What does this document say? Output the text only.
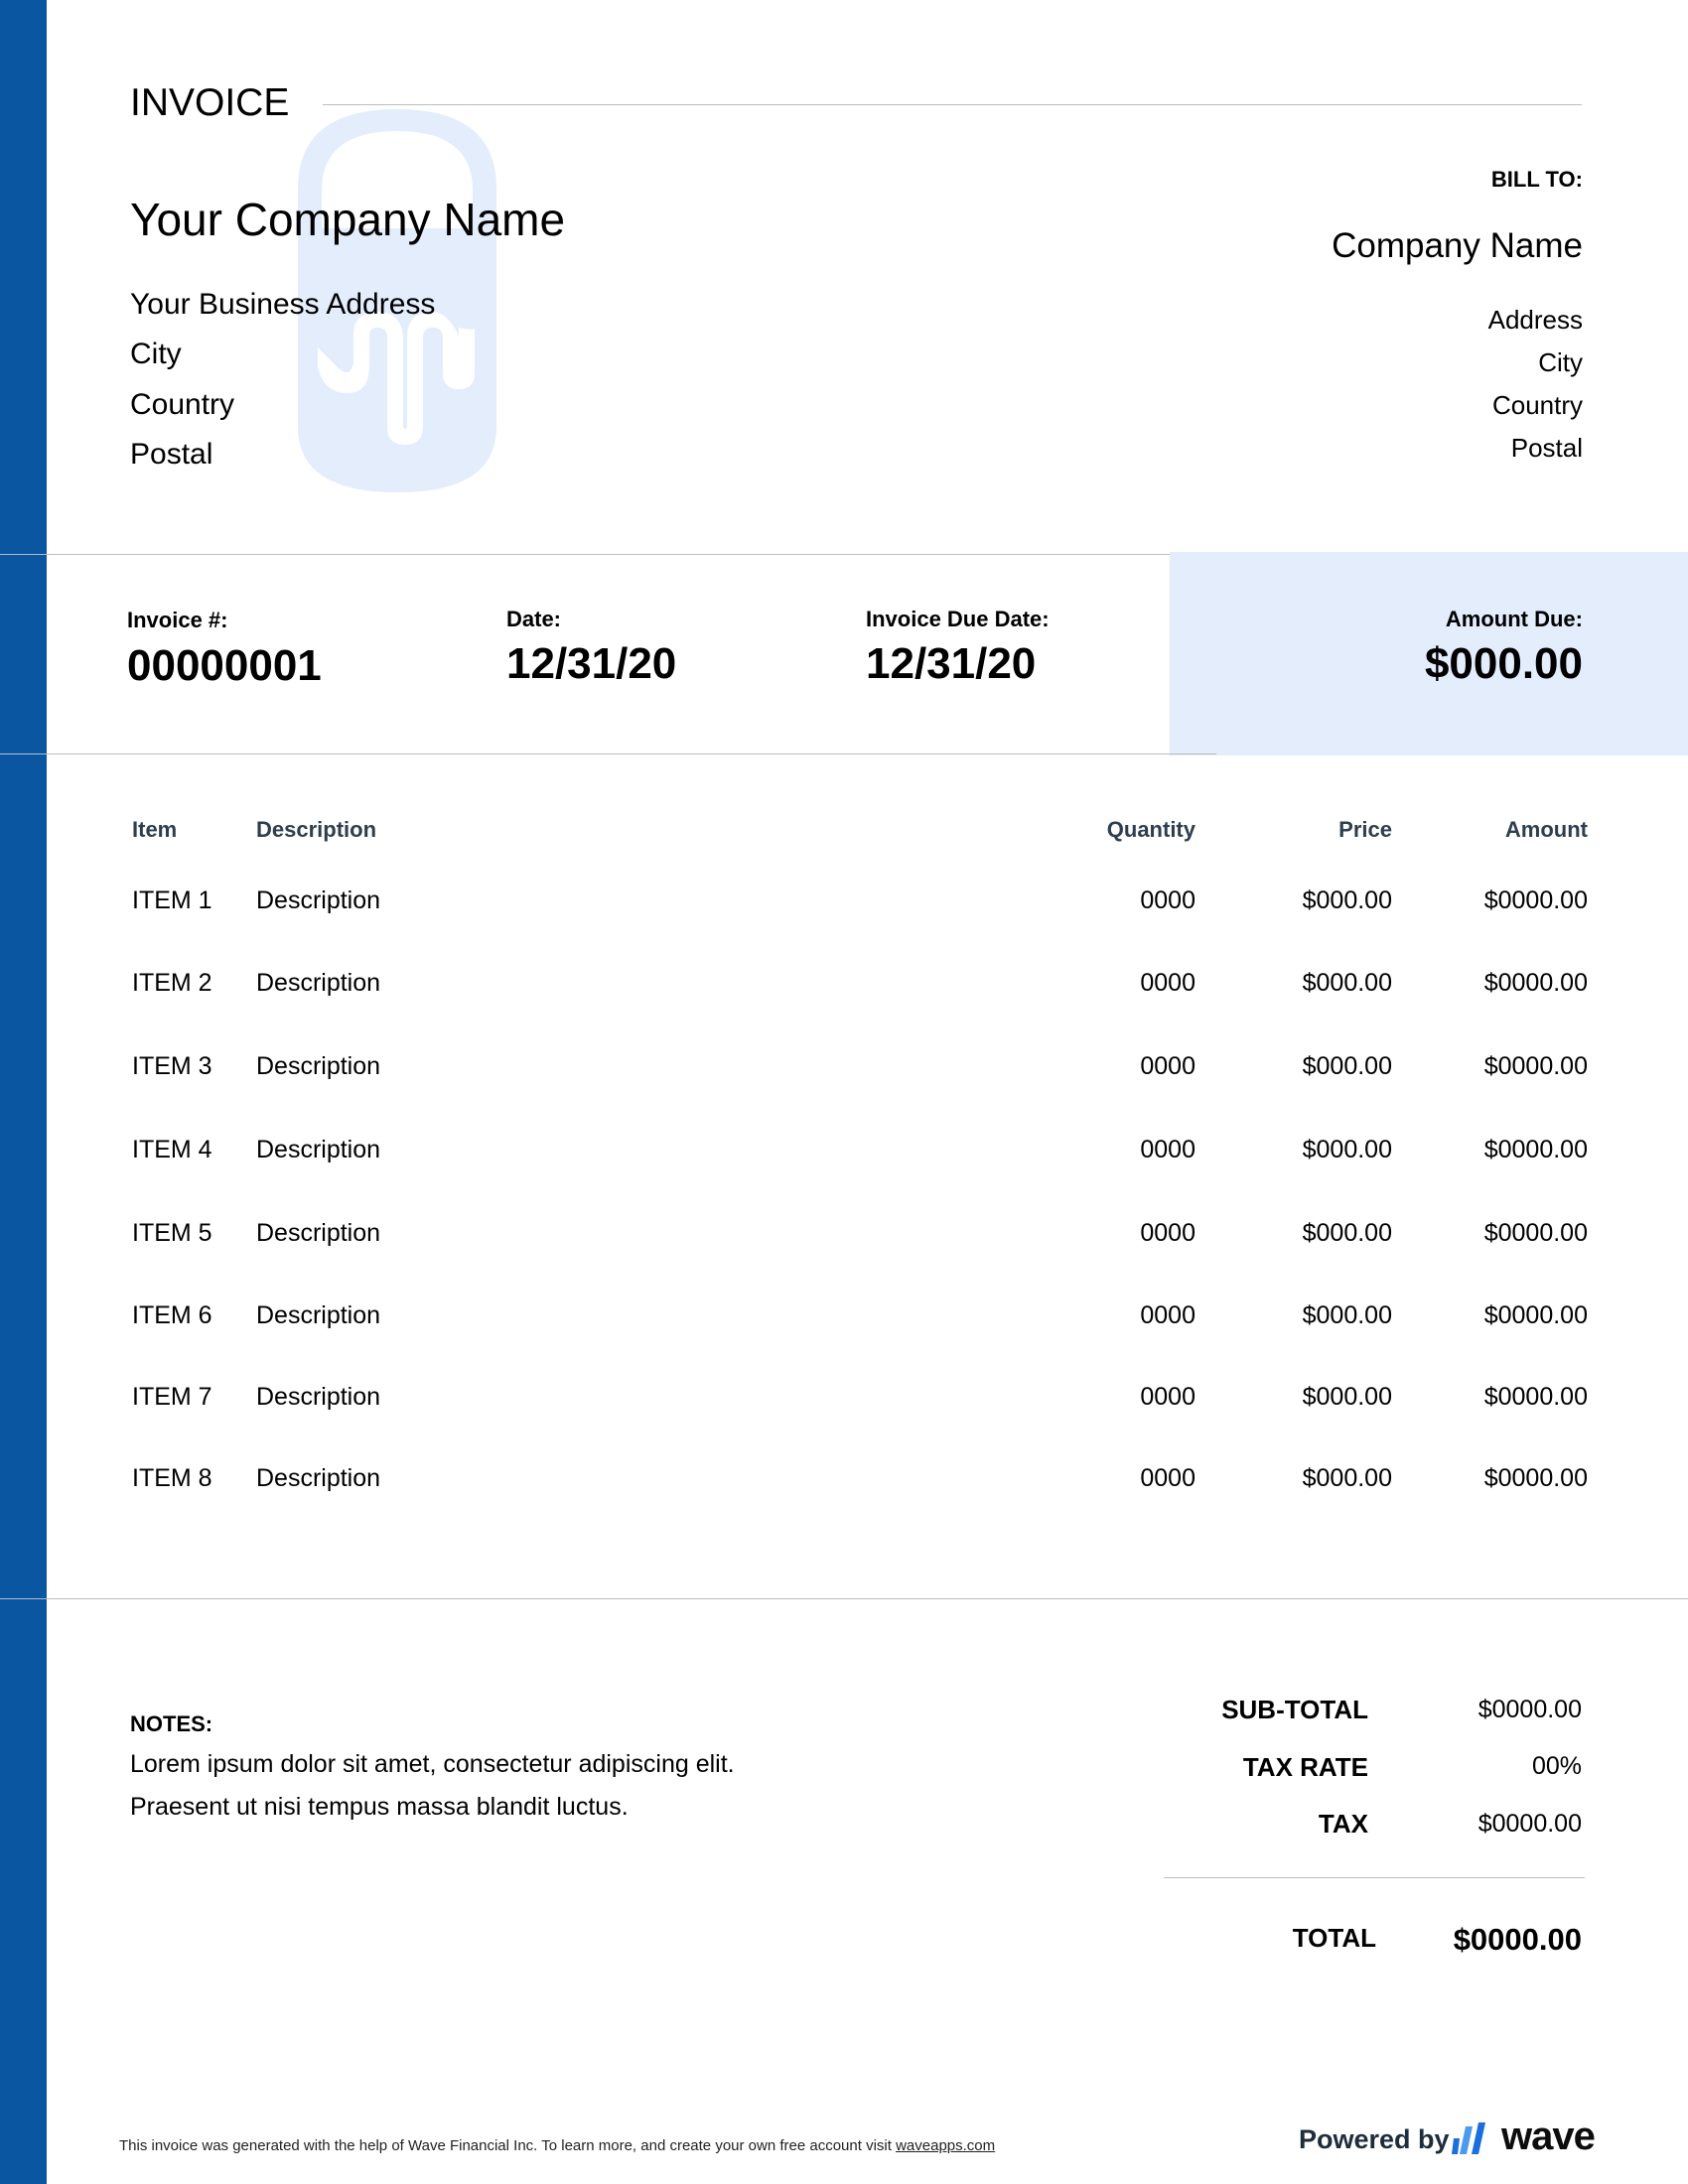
INVOICE
Your Company Name
Your Business Address
City
Country
Postal
BILL TO:
Company Name
Address
City
Country
Postal
Invoice #:
00000001
Date:
12/31/20
Invoice Due Date:
12/31/20
Amount Due:
$000.00
Item	Description	Quantity	Price	Amount
ITEM 1 Description	0000	$000.00	$0000.00
ITEM 2 Description	0000	$000.00	$0000.00
ITEM 3 Description	0000	$000.00	$0000.00
ITEM 4 Description	0000	$000.00	$0000.00
ITEM 5 Description	0000	$000.00	$0000.00
ITEM 6 Description	0000	$000.00	$0000.00
ITEM 7 Description	0000	$000.00	$0000.00
ITEM 8 Description	0000	$000.00	$0000.00
NOTES:
Lorem ipsum dolor sit amet, consectetur adipiscing elit.
Praesent ut nisi tempus massa blandit luctus.
SUB-TOTAL	$0000.00
TAX RATE	00%
TAX	$0000.00
TOTAL	$0000.00
This invoice was generated with the help of Wave Financial Inc. To learn more, and create your own free account visit waveapps.com	Powered by wave
